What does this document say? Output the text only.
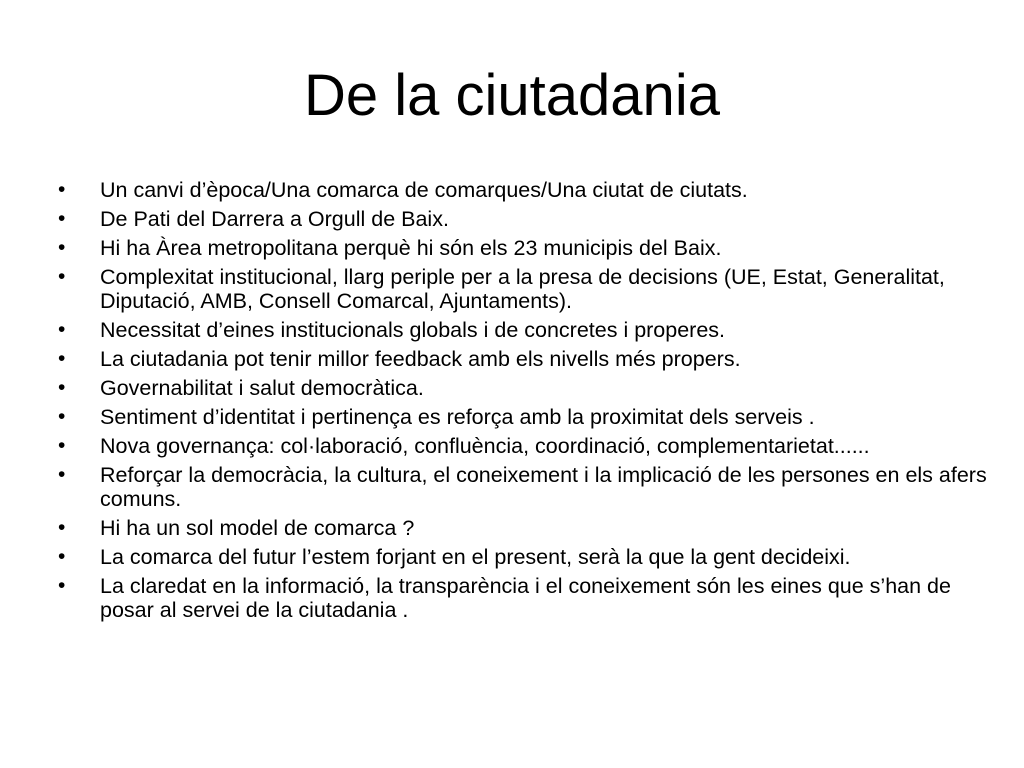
De la ciutadania
•	Un canvi d’època/Una comarca de comarques/Una ciutat de ciutats.
•	De Pati del Darrera a Orgull de Baix.
•	Hi ha Àrea metropolitana perquè hi són els 23 municipis del Baix.
•	Complexitat institucional, llarg periple per a la presa de decisions (UE, Estat, Generalitat, Diputació, AMB, Consell Comarcal, Ajuntaments).
•	Necessitat d’eines institucionals globals i de concretes i properes.
•	La ciutadania pot tenir millor feedback amb els nivells més propers.
•	Governabilitat i salut democràtica.
•	Sentiment d’identitat i pertinença es reforça amb la proximitat dels serveis .
•	Nova governança: col·laboració, confluència, coordinació, complementarietat......
•	Reforçar la democràcia, la cultura, el coneixement i la implicació de les persones en els afers comuns.
•	Hi ha un sol model de comarca ?
•	La comarca del futur l’estem forjant en el present, serà la que la gent decideixi.
•	La claredat en la informació, la transparència i el coneixement són les eines que s’han de posar al servei de la ciutadania .
